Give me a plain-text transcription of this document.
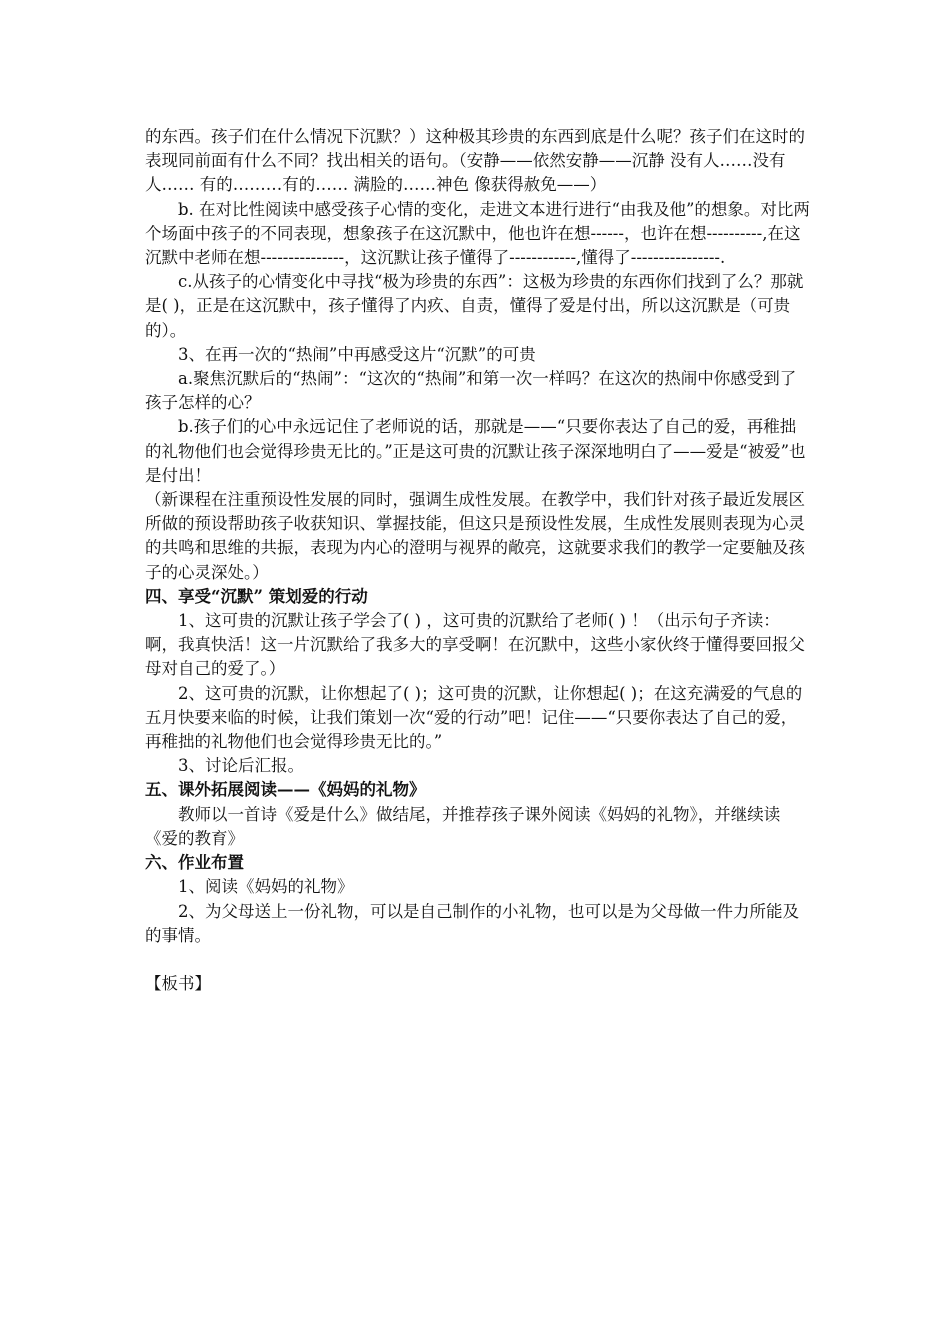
的东西。孩子们在什么情况下沉默？）这种极其珍贵的东西到底是什么呢？孩子们在这时的表现同前面有什么不同？找出相关的语句。（安静——依然安静——沉静 没有人……没有人…… 有的………有的…… 满脸的……神色 像获得赦免——）

b. 在对比性阅读中感受孩子心情的变化，走进文本进行进行“由我及他”的想象。对比两个场面中孩子的不同表现，想象孩子在这沉默中，他也许在想------，也许在想----------,在这沉默中老师在想---------------，这沉默让孩子懂得了------------,懂得了----------------.

c.从孩子的心情变化中寻找“极为珍贵的东西”：这极为珍贵的东西你们找到了么？那就是( )，正是在这沉默中，孩子懂得了内疚、自责，懂得了爱是付出，所以这沉默是（可贵的）。

3、在再一次的“热闹”中再感受这片“沉默”的可贵

a.聚焦沉默后的“热闹”：“这次的“热闹”和第一次一样吗？在这次的热闹中你感受到了孩子怎样的心？

b.孩子们的心中永远记住了老师说的话，那就是——“只要你表达了自己的爱，再稚拙的礼物他们也会觉得珍贵无比的。”正是这可贵的沉默让孩子深深地明白了——爱是“被爱”也是付出！

（新课程在注重预设性发展的同时，强调生成性发展。在教学中，我们针对孩子最近发展区所做的预设帮助孩子收获知识、掌握技能，但这只是预设性发展，生成性发展则表现为心灵的共鸣和思维的共振，表现为内心的澄明与视界的敞亮，这就要求我们的教学一定要触及孩子的心灵深处。）

四、享受“沉默” 策划爱的行动

1、这可贵的沉默让孩子学会了( ) ，这可贵的沉默给了老师( ) ！（出示句子齐读：啊，我真快活！这一片沉默给了我多大的享受啊！在沉默中，这些小家伙终于懂得要回报父母对自己的爱了。）

2、这可贵的沉默，让你想起了( )；这可贵的沉默，让你想起( )；在这充满爱的气息的五月快要来临的时候，让我们策划一次“爱的行动”吧！记住——“只要你表达了自己的爱，再稚拙的礼物他们也会觉得珍贵无比的。”

3、讨论后汇报。

五、课外拓展阅读——《妈妈的礼物》

教师以一首诗《爱是什么》做结尾，并推荐孩子课外阅读《妈妈的礼物》，并继续读《爱的教育》

六、作业布置

1、阅读《妈妈的礼物》

2、为父母送上一份礼物，可以是自己制作的小礼物，也可以是为父母做一件力所能及的事情。

【板书】
